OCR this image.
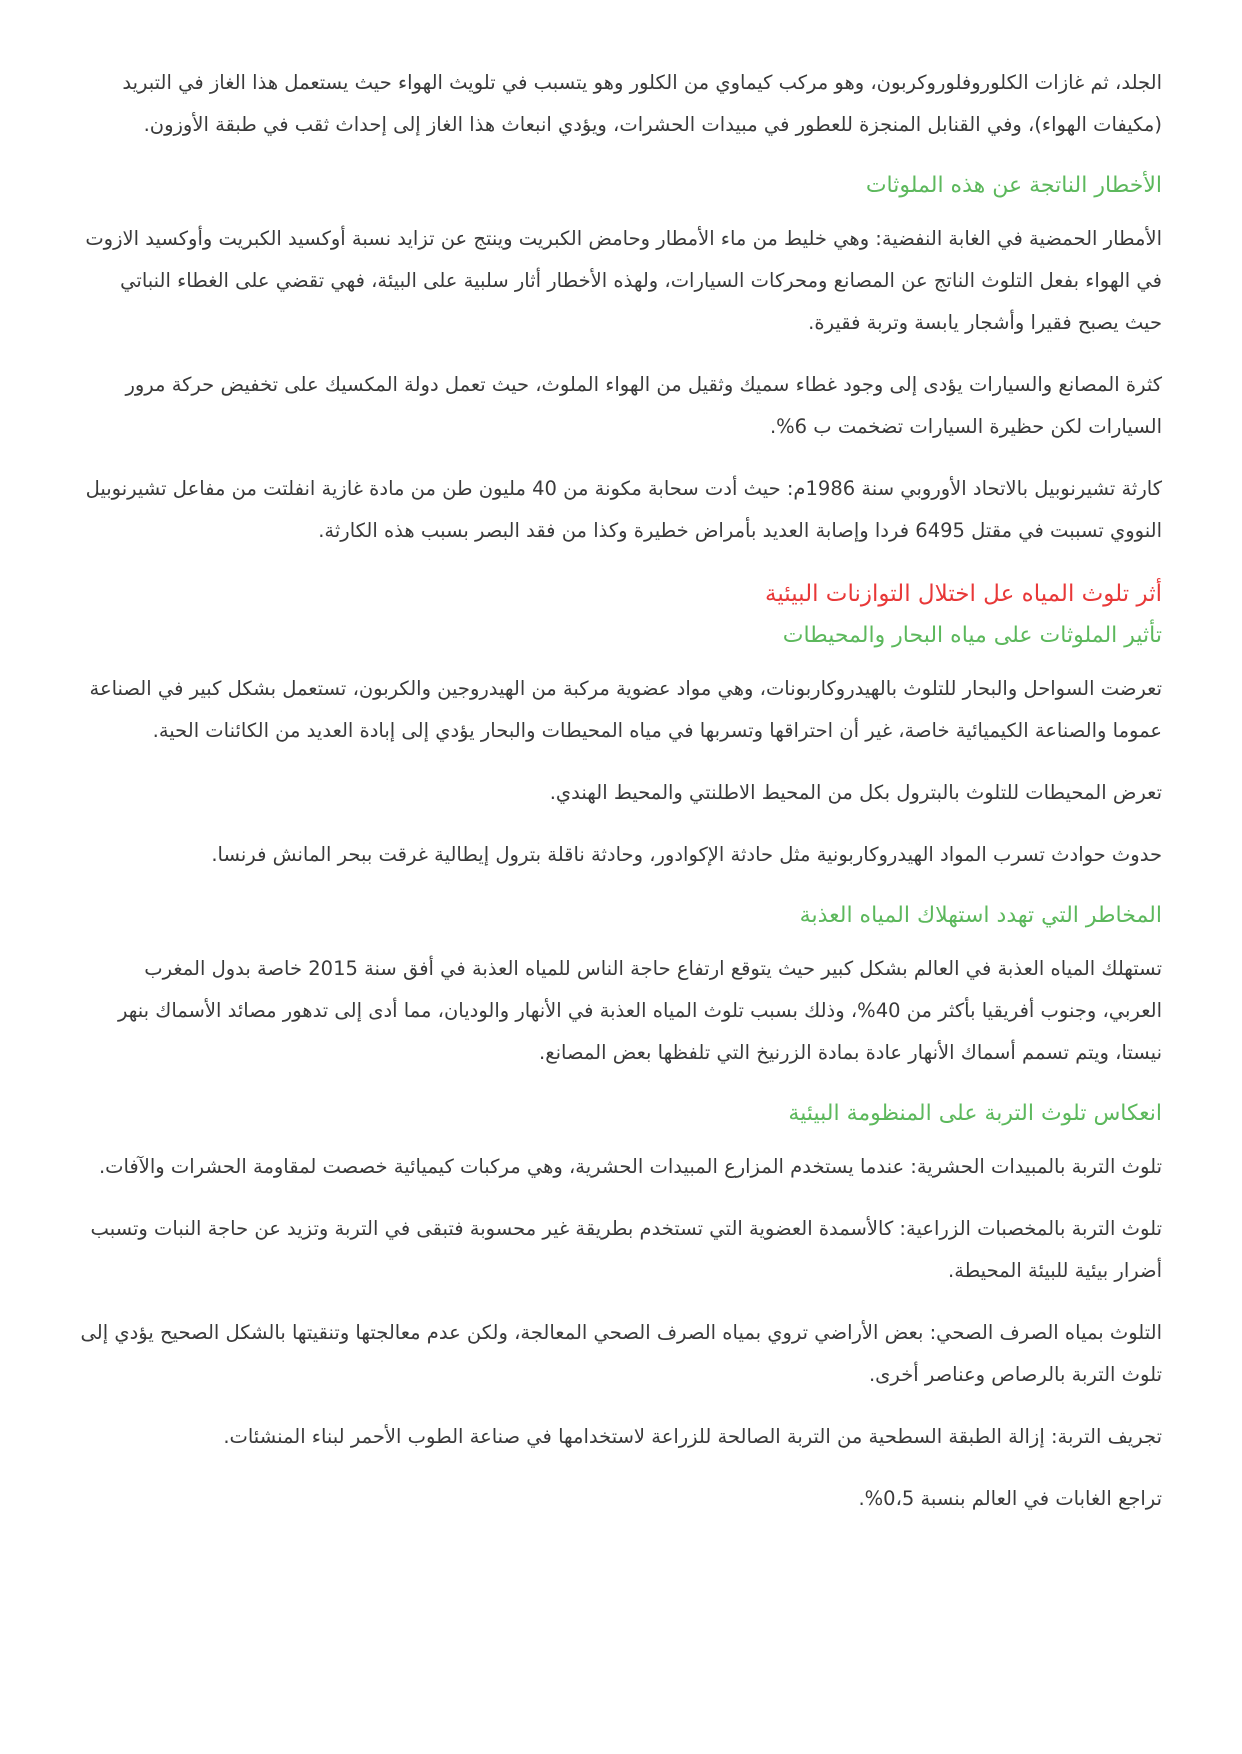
الجلد، ثم غازات الكلوروفلوروكربون، وهو مركب كيماوي من الكلور وهو يتسبب في تلويث الهواء حيث يستعمل هذا الغاز في التبريد (مكيفات الهواء)، وفي القنابل المنجزة للعطور في مبيدات الحشرات، ويؤدي انبعاث هذا الغاز إلى إحداث ثقب في طبقة الأوزون.

الأخطار الناتجة عن هذه الملوثات

الأمطار الحمضية في الغابة النفضية: وهي خليط من ماء الأمطار وحامض الكبريت وينتج عن تزايد نسبة أوكسيد الكبريت وأوكسيد الازوت في الهواء بفعل التلوث الناتج عن المصانع ومحركات السيارات، ولهذه الأخطار أثار سلبية على البيئة، فهي تقضي على الغطاء النباتي حيث يصبح فقيرا وأشجار يابسة وتربة فقيرة.

كثرة المصانع والسيارات يؤدى إلى وجود غطاء سميك وثقيل من الهواء الملوث، حيث تعمل دولة المكسيك على تخفيض حركة مرور السيارات لكن حظيرة السيارات تضخمت ب 6%.

كارثة تشيرنوبيل بالاتحاد الأوروبي سنة 1986م: حيث أدت سحابة مكونة من 40 مليون طن من مادة غازية انفلتت من مفاعل تشيرنوبيل النووي تسببت في مقتل 6495 فردا وإصابة العديد بأمراض خطيرة وكذا من فقد البصر بسبب هذه الكارثة.

أثر تلوث المياه عل اختلال التوازنات البيئية
تأثير الملوثات على مياه البحار والمحيطات

تعرضت السواحل والبحار للتلوث بالهيدروكاربونات، وهي مواد عضوية مركبة من الهيدروجين والكربون، تستعمل بشكل كبير في الصناعة عموما والصناعة الكيميائية خاصة، غير أن احتراقها وتسربها في مياه المحيطات والبحار يؤدي إلى إبادة العديد من الكائنات الحية.

تعرض المحيطات للتلوث بالبترول بكل من المحيط الاطلنتي والمحيط الهندي.

حدوث حوادث تسرب المواد الهيدروكاربونية مثل حادثة الإكوادور، وحادثة ناقلة بترول إيطالية غرقت ببحر المانش فرنسا.

المخاطر التي تهدد استهلاك المياه العذبة

تستهلك المياه العذبة في العالم بشكل كبير حيث يتوقع ارتفاع حاجة الناس للمياه العذبة في أفق سنة 2015 خاصة بدول المغرب العربي، وجنوب أفريقيا بأكثر من 40%، وذلك بسبب تلوث المياه العذبة في الأنهار والوديان، مما أدى إلى تدهور مصائد الأسماك بنهر نيستا، ويتم تسمم أسماك الأنهار عادة بمادة الزرنيخ التي تلفظها بعض المصانع.

انعكاس تلوث التربة على المنظومة البيئية

تلوث التربة بالمبيدات الحشرية: عندما يستخدم المزارع المبيدات الحشرية، وهي مركبات كيميائية خصصت لمقاومة الحشرات والآفات.

تلوث التربة بالمخصبات الزراعية: كالأسمدة العضوية التي تستخدم بطريقة غير محسوبة فتبقى في التربة وتزيد عن حاجة النبات وتسبب أضرار بيئية للبيئة المحيطة.

التلوث بمياه الصرف الصحي: بعض الأراضي تروي بمياه الصرف الصحي المعالجة، ولكن عدم معالجتها وتنقيتها بالشكل الصحيح يؤدي إلى تلوث التربة بالرصاص وعناصر أخرى.

تجريف التربة: إزالة الطبقة السطحية من التربة الصالحة للزراعة لاستخدامها في صناعة الطوب الأحمر لبناء المنشئات.

تراجع الغابات في العالم بنسبة 0،5%.
